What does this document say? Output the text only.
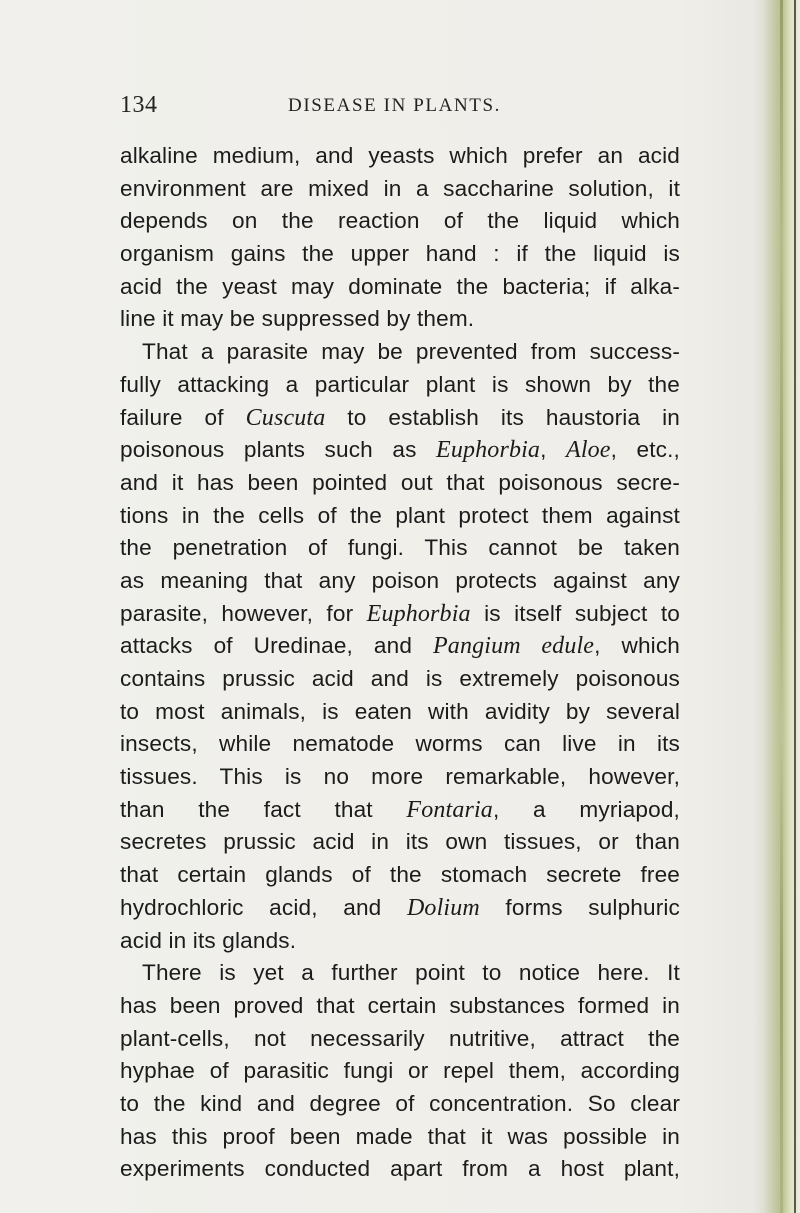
134	DISEASE IN PLANTS.
alkaline medium, and yeasts which prefer an acid
environment are mixed in a saccharine solution, it
depends on the reaction of the liquid which
organism gains the upper hand : if the liquid is
acid the yeast may dominate the bacteria; if alka-
line it may be suppressed by them.
That a parasite may be prevented from success-
fully attacking a particular plant is shown by the
failure of Cuscuta to establish its haustoria in
poisonous plants such as Euphorbia, Aloe, etc.,
and it has been pointed out that poisonous secre-
tions in the cells of the plant protect them against
the penetration of fungi. This cannot be taken
as meaning that any poison protects against any
parasite, however, for Euphorbia is itself subject to
attacks of Uredinae, and Pangium edule, which
contains prussic acid and is extremely poisonous
to most animals, is eaten with avidity by several
insects, while nematode worms can live in its
tissues. This is no more remarkable, however,
than the fact that Fontaria, a myriapod,
secretes prussic acid in its own tissues, or than
that certain glands of the stomach secrete free
hydrochloric acid, and Dolium forms sulphuric
acid in its glands.
There is yet a further point to notice here. It
has been proved that certain substances formed in
plant-cells, not necessarily nutritive, attract the
hyphae of parasitic fungi or repel them, according
to the kind and degree of concentration. So clear
has this proof been made that it was possible in
experiments conducted apart from a host plant,
